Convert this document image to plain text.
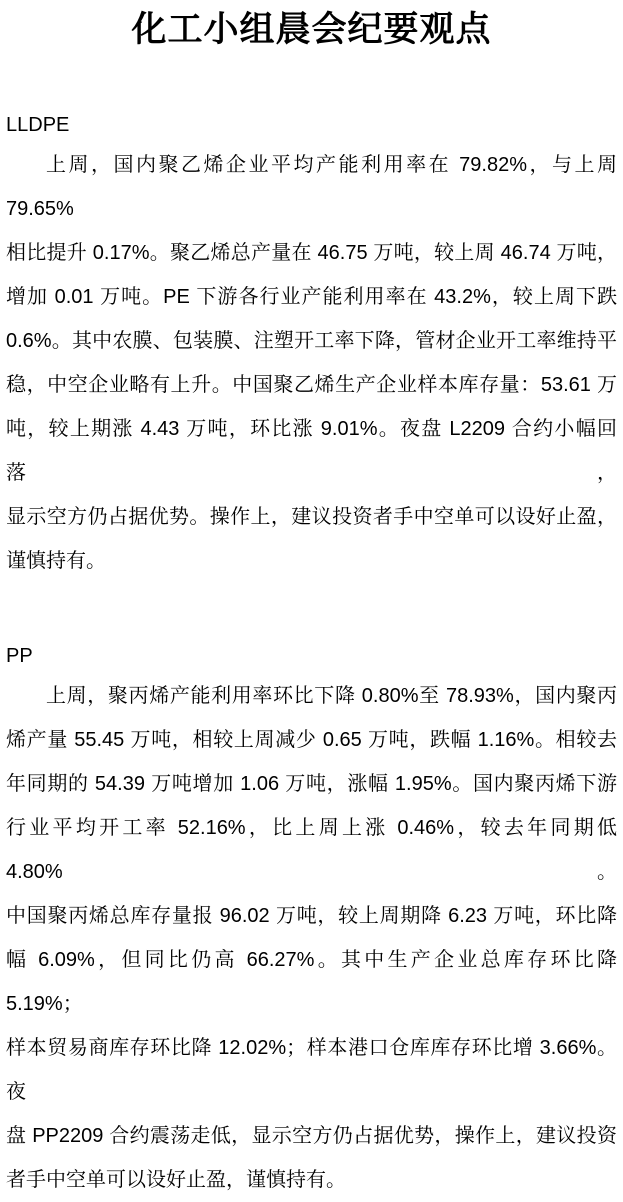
化工小组晨会纪要观点
LLDPE
上周，国内聚乙烯企业平均产能利用率在 79.82%，与上周 79.65%
相比提升 0.17%。聚乙烯总产量在 46.75 万吨，较上周 46.74 万吨，
增加 0.01 万吨。PE 下游各行业产能利用率在 43.2%，较上周下跌
0.6%。其中农膜、包装膜、注塑开工率下降，管材企业开工率维持平
稳，中空企业略有上升。中国聚乙烯生产企业样本库存量：53.61 万
吨，较上期涨 4.43 万吨，环比涨 9.01%。夜盘 L2209 合约小幅回落，
显示空方仍占据优势。操作上，建议投资者手中空单可以设好止盈，
谨慎持有。
PP
上周，聚丙烯产能利用率环比下降 0.80%至 78.93%，国内聚丙
烯产量 55.45 万吨，相较上周减少 0.65 万吨，跌幅 1.16%。相较去
年同期的 54.39 万吨增加 1.06 万吨，涨幅 1.95%。国内聚丙烯下游
行业平均开工率 52.16%，比上周上涨 0.46%，较去年同期低 4.80%。
中国聚丙烯总库存量报 96.02 万吨，较上周期降 6.23 万吨，环比降
幅 6.09%，但同比仍高 66.27%。其中生产企业总库存环比降 5.19%；
样本贸易商库存环比降 12.02%；样本港口仓库库存环比增 3.66%。夜
盘 PP2209 合约震荡走低，显示空方仍占据优势，操作上，建议投资
者手中空单可以设好止盈，谨慎持有。
